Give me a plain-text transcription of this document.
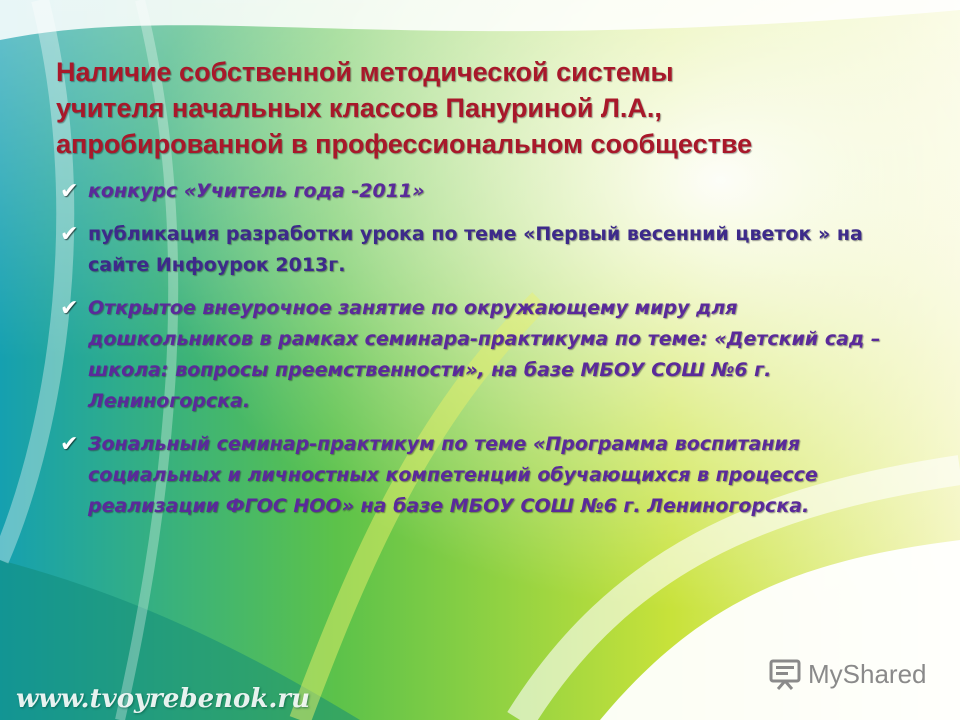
Наличие собственной методической системы
учителя начальных классов Пануриной Л.А.,
апробированной в профессиональном сообществе
✔ конкурс «Учитель года -2011»
✔ публикация разработки урока по теме «Первый весенний цветок » на сайте Инфоурок 2013г.
✔ Открытое внеурочное занятие по окружающему миру для дошкольников в рамках семинара-практикума по теме: «Детский сад – школа: вопросы преемственности», на базе МБОУ СОШ №6 г. Лениногорска.
✔ Зональный семинар-практикум по теме «Программа воспитания социальных и личностных компетенций обучающихся в процессе реализации ФГОС НОО» на базе МБОУ СОШ №6 г. Лениногорска.
www.tvoyrebenok.ru
MyShared
